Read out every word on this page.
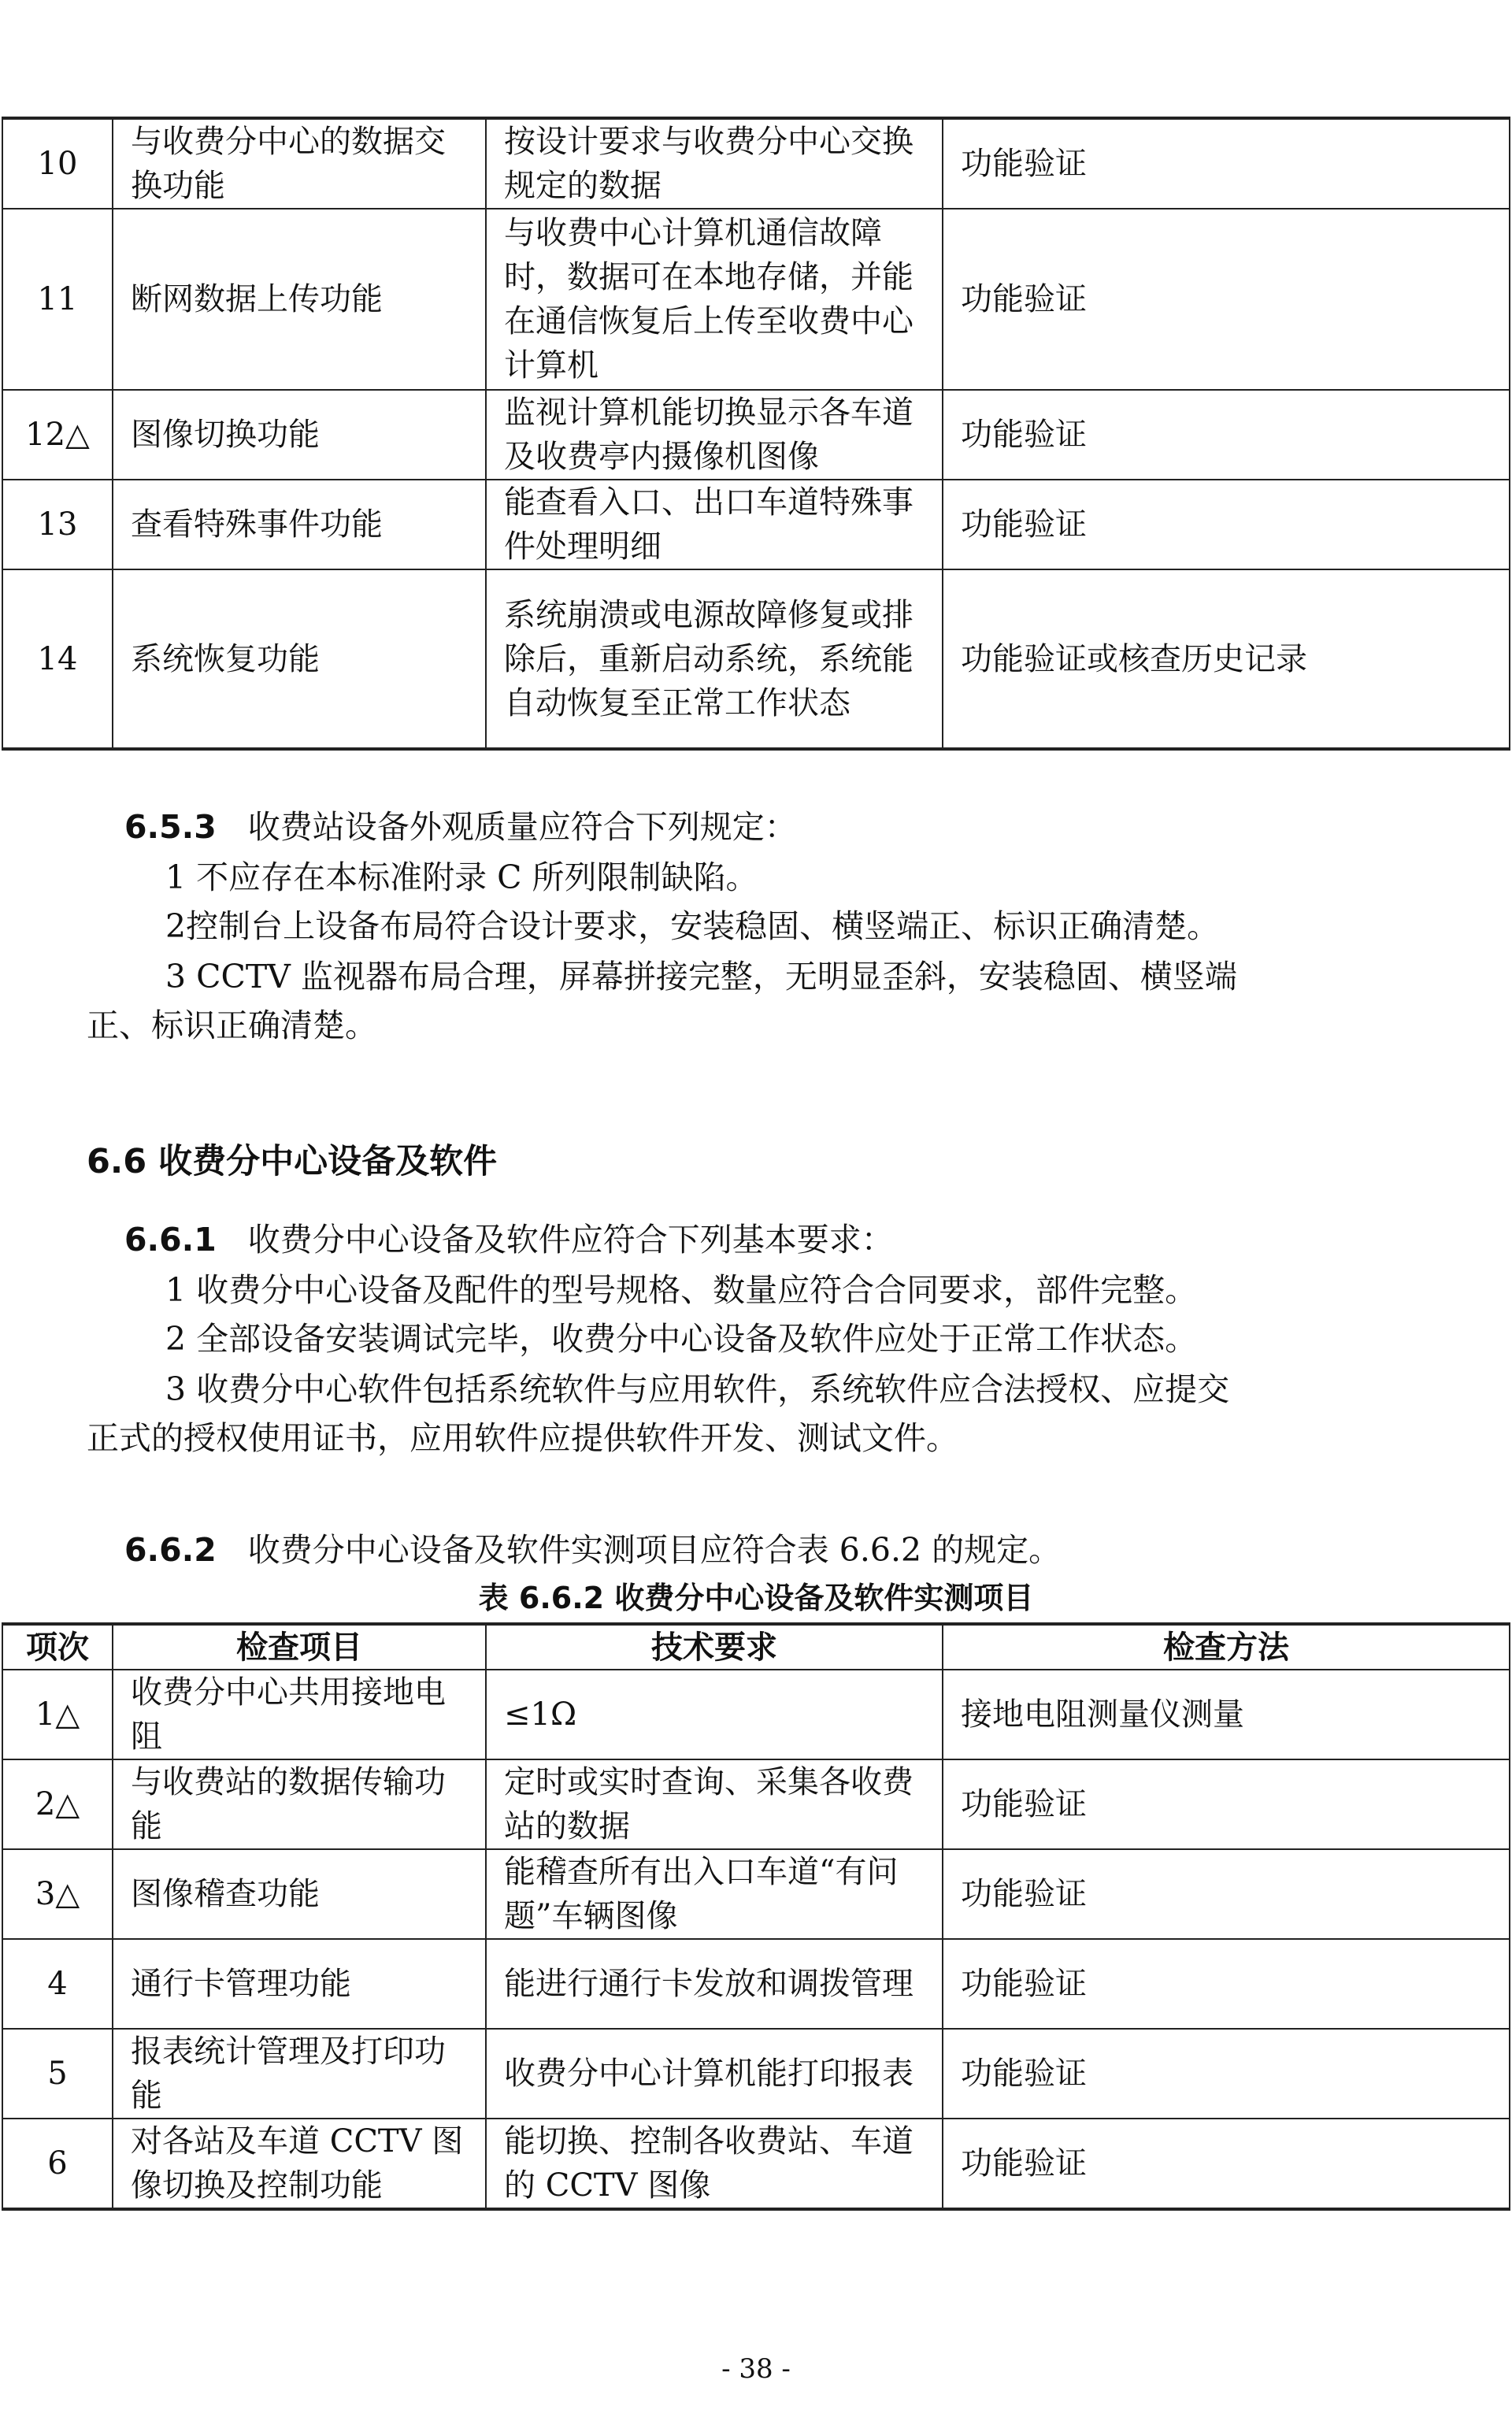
10	与收费分中心的数据交换功能	按设计要求与收费分中心交换规定的数据	功能验证
11	断网数据上传功能	与收费中心计算机通信故障时，数据可在本地存储，并能在通信恢复后上传至收费中心计算机	功能验证
12△	图像切换功能	监视计算机能切换显示各车道及收费亭内摄像机图像	功能验证
13	查看特殊事件功能	能查看入口、出口车道特殊事件处理明细	功能验证
14	系统恢复功能	系统崩溃或电源故障修复或排除后，重新启动系统，系统能自动恢复至正常工作状态	功能验证或核查历史记录
6.5.3 收费站设备外观质量应符合下列规定：
1 不应存在本标准附录 C 所列限制缺陷。
2控制台上设备布局符合设计要求，安装稳固、横竖端正、标识正确清楚。
3 CCTV 监视器布局合理，屏幕拼接完整，无明显歪斜，安装稳固、横竖端
正、标识正确清楚。
6.6 收费分中心设备及软件
6.6.1 收费分中心设备及软件应符合下列基本要求：
1 收费分中心设备及配件的型号规格、数量应符合合同要求，部件完整。
2 全部设备安装调试完毕，收费分中心设备及软件应处于正常工作状态。
3 收费分中心软件包括系统软件与应用软件，系统软件应合法授权、应提交
正式的授权使用证书，应用软件应提供软件开发、测试文件。
6.6.2 收费分中心设备及软件实测项目应符合表 6.6.2 的规定。
表 6.6.2 收费分中心设备及软件实测项目
项次	检查项目	技术要求	检查方法
1△	收费分中心共用接地电阻	≤1Ω	接地电阻测量仪测量
2△	与收费站的数据传输功能	定时或实时查询、采集各收费站的数据	功能验证
3△	图像稽查功能	能稽查所有出入口车道“有问题”车辆图像	功能验证
4	通行卡管理功能	能进行通行卡发放和调拨管理	功能验证
5	报表统计管理及打印功能	收费分中心计算机能打印报表	功能验证
6	对各站及车道 CCTV 图像切换及控制功能	能切换、控制各收费站、车道的 CCTV 图像	功能验证
- 38 -
